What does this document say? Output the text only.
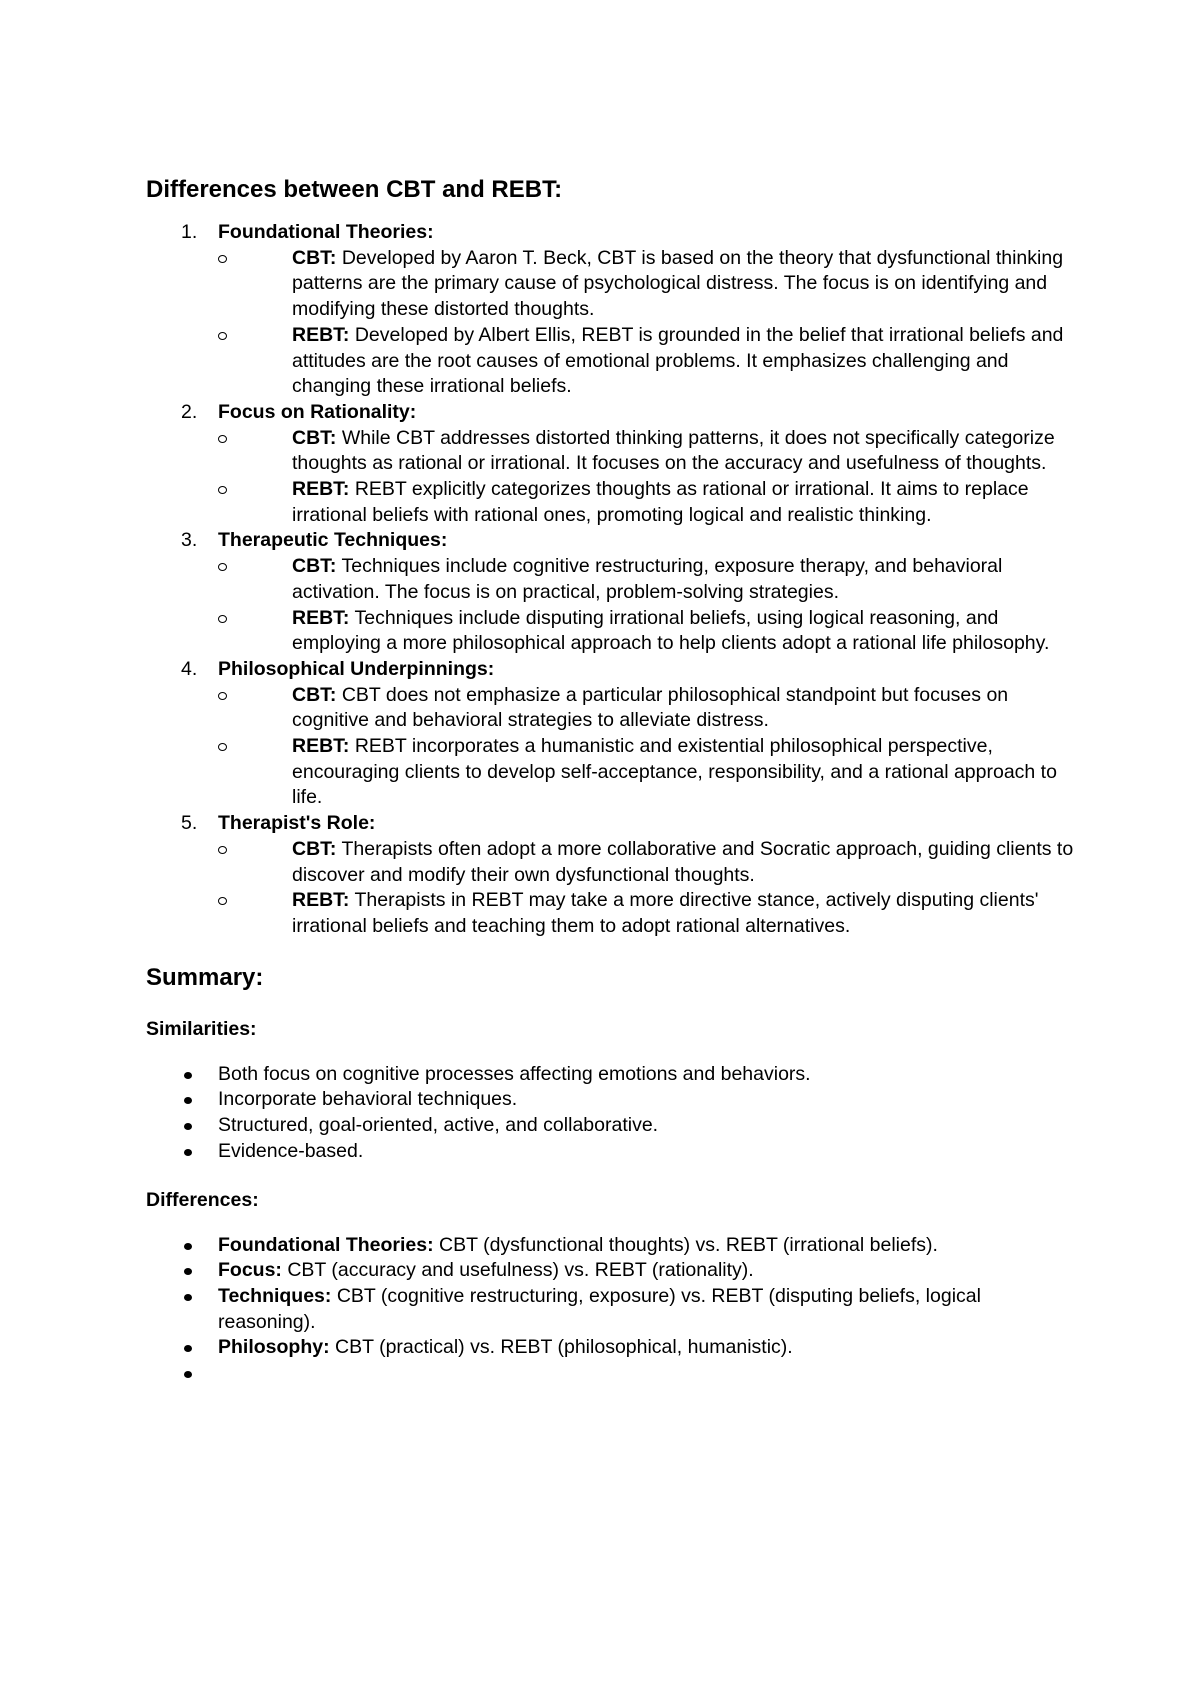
Differences between CBT and REBT:
1. Foundational Theories:
CBT: Developed by Aaron T. Beck, CBT is based on the theory that dysfunctional thinking patterns are the primary cause of psychological distress. The focus is on identifying and modifying these distorted thoughts.
REBT: Developed by Albert Ellis, REBT is grounded in the belief that irrational beliefs and attitudes are the root causes of emotional problems. It emphasizes challenging and changing these irrational beliefs.
2. Focus on Rationality:
CBT: While CBT addresses distorted thinking patterns, it does not specifically categorize thoughts as rational or irrational. It focuses on the accuracy and usefulness of thoughts.
REBT: REBT explicitly categorizes thoughts as rational or irrational. It aims to replace irrational beliefs with rational ones, promoting logical and realistic thinking.
3. Therapeutic Techniques:
CBT: Techniques include cognitive restructuring, exposure therapy, and behavioral activation. The focus is on practical, problem-solving strategies.
REBT: Techniques include disputing irrational beliefs, using logical reasoning, and employing a more philosophical approach to help clients adopt a rational life philosophy.
4. Philosophical Underpinnings:
CBT: CBT does not emphasize a particular philosophical standpoint but focuses on cognitive and behavioral strategies to alleviate distress.
REBT: REBT incorporates a humanistic and existential philosophical perspective, encouraging clients to develop self-acceptance, responsibility, and a rational approach to life.
5. Therapist's Role:
CBT: Therapists often adopt a more collaborative and Socratic approach, guiding clients to discover and modify their own dysfunctional thoughts.
REBT: Therapists in REBT may take a more directive stance, actively disputing clients' irrational beliefs and teaching them to adopt rational alternatives.
Summary:
Similarities:
Both focus on cognitive processes affecting emotions and behaviors.
Incorporate behavioral techniques.
Structured, goal-oriented, active, and collaborative.
Evidence-based.
Differences:
Foundational Theories: CBT (dysfunctional thoughts) vs. REBT (irrational beliefs).
Focus: CBT (accuracy and usefulness) vs. REBT (rationality).
Techniques: CBT (cognitive restructuring, exposure) vs. REBT (disputing beliefs, logical reasoning).
Philosophy: CBT (practical) vs. REBT (philosophical, humanistic).
